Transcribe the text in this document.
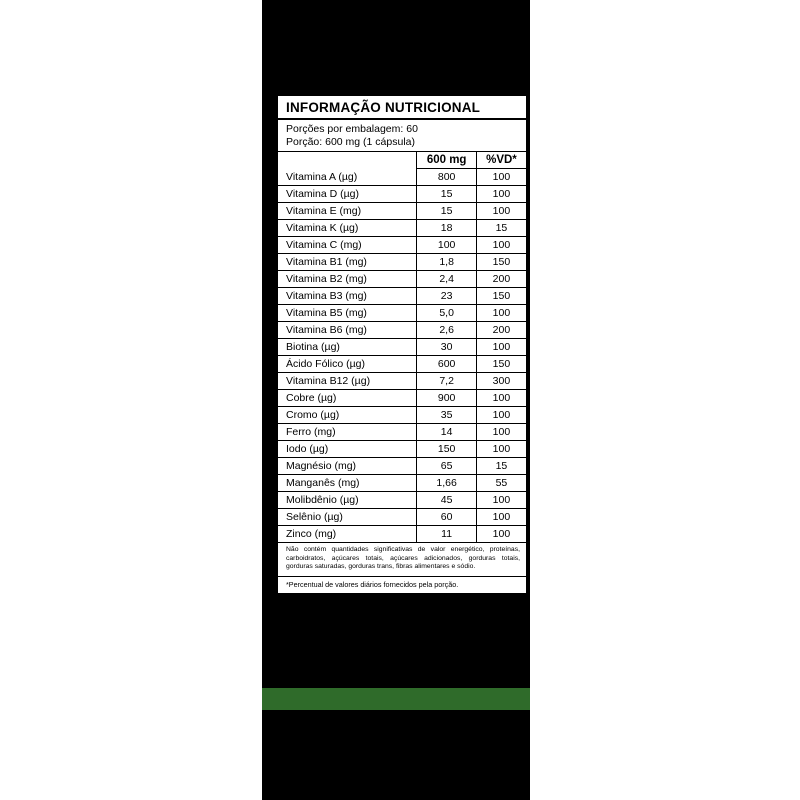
INFORMAÇÃO NUTRICIONAL
Porções por embalagem: 60
Porção: 600 mg (1 cápsula)
	600 mg	%VD*
Vitamina A (µg)	800	100
Vitamina D (µg)	15	100
Vitamina E (mg)	15	100
Vitamina K (µg)	18	15
Vitamina C (mg)	100	100
Vitamina B1 (mg)	1,8	150
Vitamina B2 (mg)	2,4	200
Vitamina B3 (mg)	23	150
Vitamina B5 (mg)	5,0	100
Vitamina B6 (mg)	2,6	200
Biotina (µg)	30	100
Ácido Fólico (µg)	600	150
Vitamina B12 (µg)	7,2	300
Cobre (µg)	900	100
Cromo (µg)	35	100
Ferro (mg)	14	100
Iodo (µg)	150	100
Magnésio (mg)	65	15
Manganês (mg)	1,66	55
Molibdênio (µg)	45	100
Selênio (µg)	60	100
Zinco (mg)	11	100
Não contém quantidades significativas de valor energético, proteínas, carboidratos, açúcares totais, açúcares adicionados, gorduras totais, gorduras saturadas, gorduras trans, fibras alimentares e sódio.
*Percentual de valores diários fornecidos pela porção.
